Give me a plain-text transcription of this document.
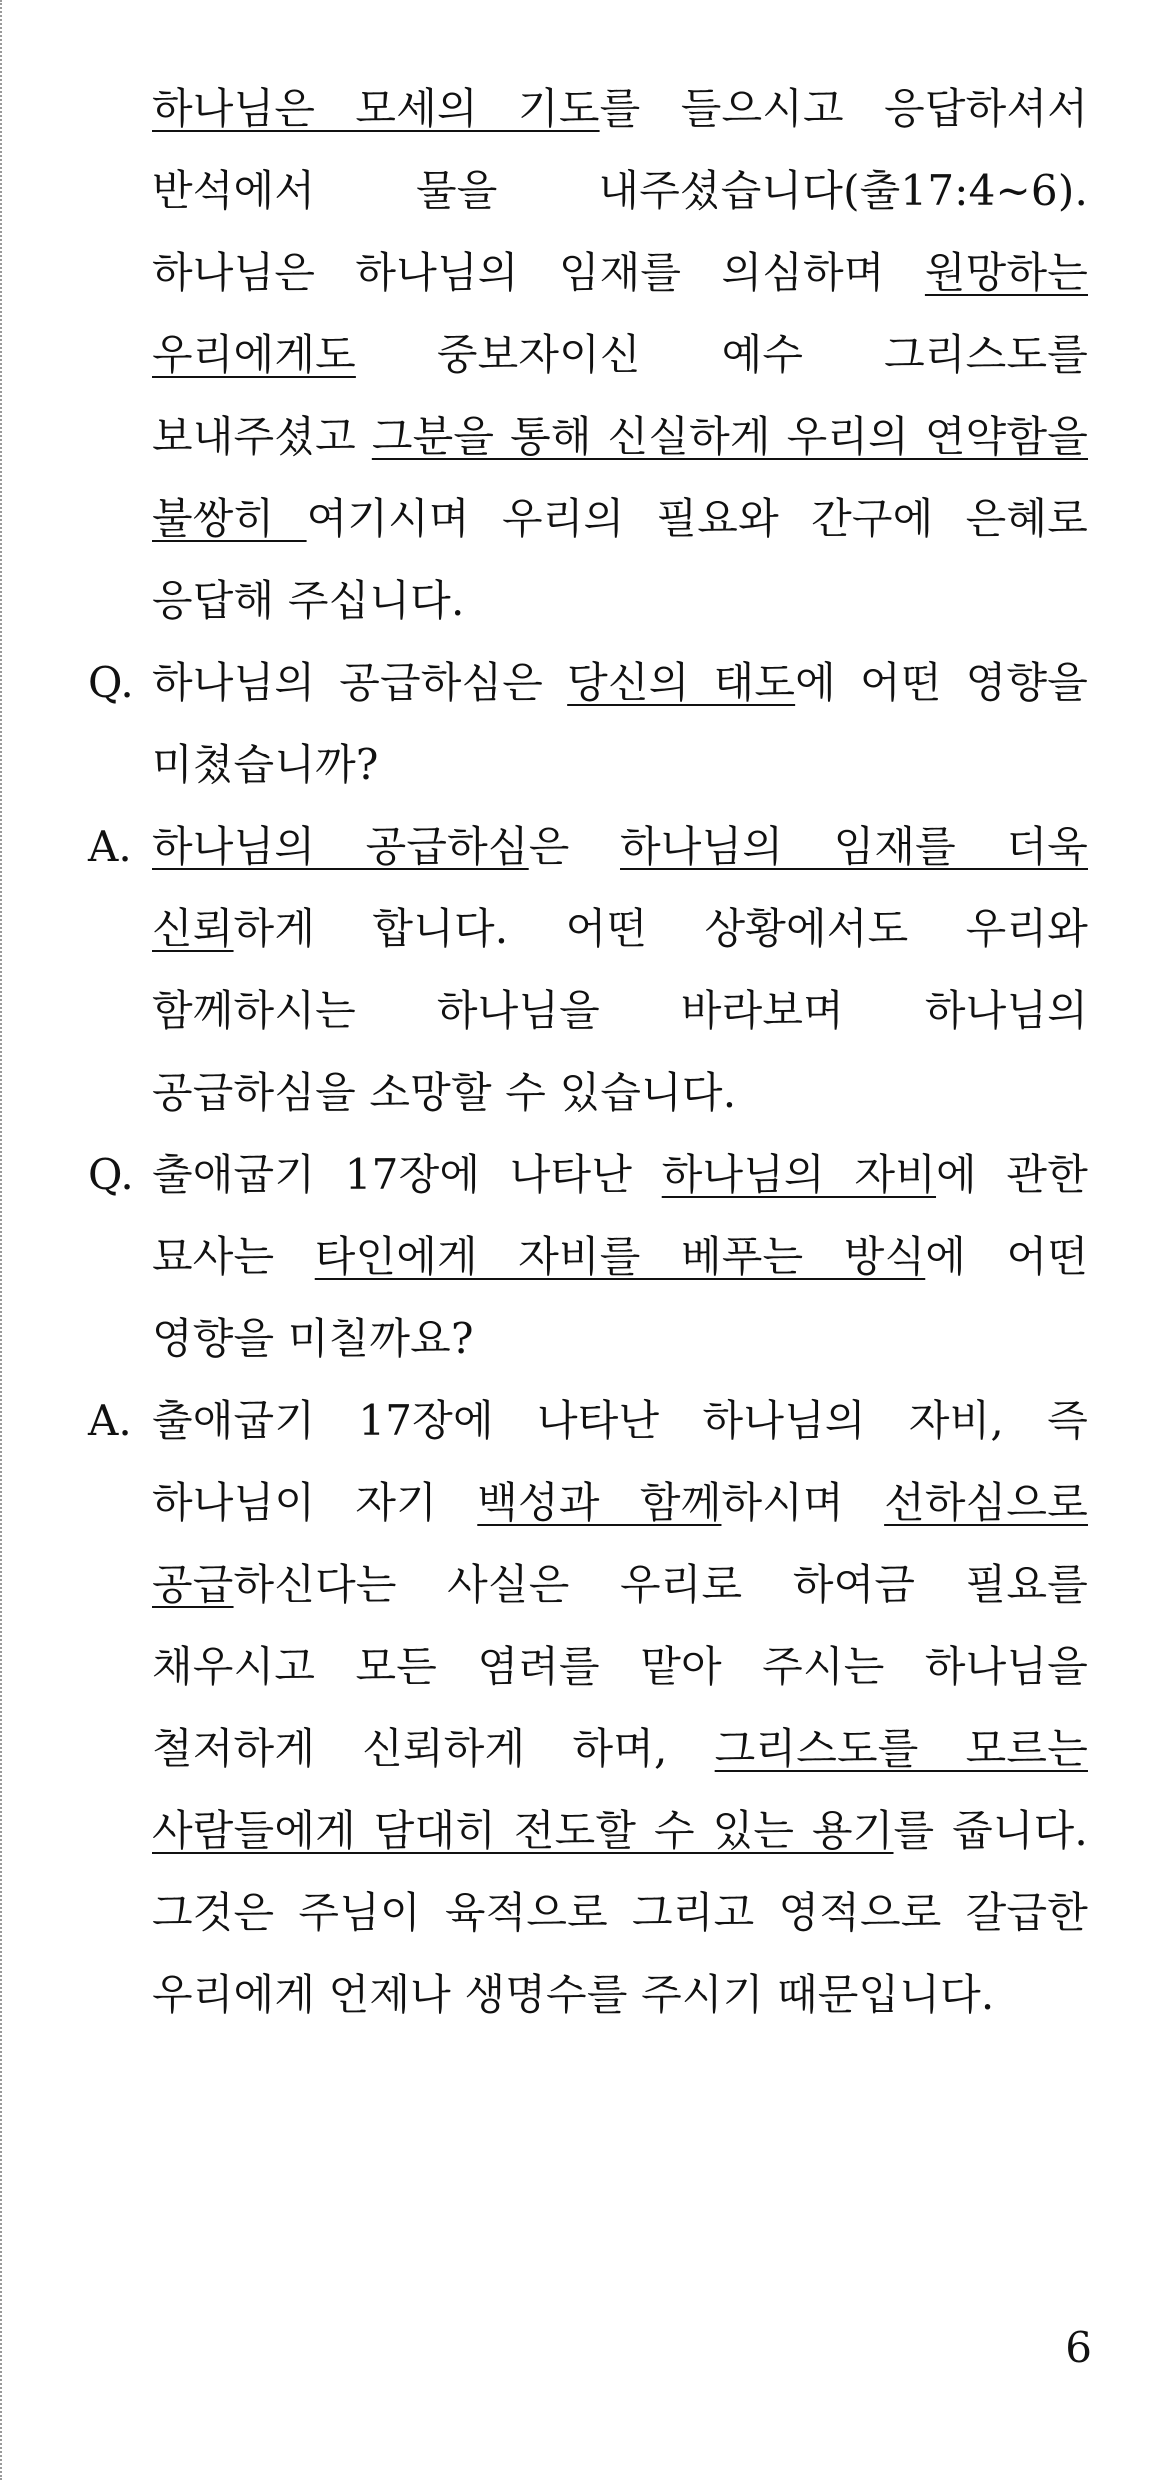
하나님은 모세의 기도를 들으시고 응답하셔서 반석에서 물을 내주셨습니다(출17:4~6). 하나님은 하나님의 임재를 의심하며 원망하는 우리에게도 중보자이신 예수 그리스도를 보내주셨고 그분을 통해 신실하게 우리의 연약함을 불쌍히 여기시며 우리의 필요와 간구에 은혜로 응답해 주십니다.

Q. 하나님의 공급하심은 당신의 태도에 어떤 영향을 미쳤습니까?

A. 하나님의 공급하심은 하나님의 임재를 더욱 신뢰하게 합니다. 어떤 상황에서도 우리와 함께하시는 하나님을 바라보며 하나님의 공급하심을 소망할 수 있습니다.

Q. 출애굽기 17장에 나타난 하나님의 자비에 관한 묘사는 타인에게 자비를 베푸는 방식에 어떤 영향을 미칠까요?

A. 출애굽기 17장에 나타난 하나님의 자비, 즉 하나님이 자기 백성과 함께하시며 선하심으로 공급하신다는 사실은 우리로 하여금 필요를 채우시고 모든 염려를 맡아 주시는 하나님을 철저하게 신뢰하게 하며, 그리스도를 모르는 사람들에게 담대히 전도할 수 있는 용기를 줍니다. 그것은 주님이 육적으로 그리고 영적으로 갈급한 우리에게 언제나 생명수를 주시기 때문입니다.

6
